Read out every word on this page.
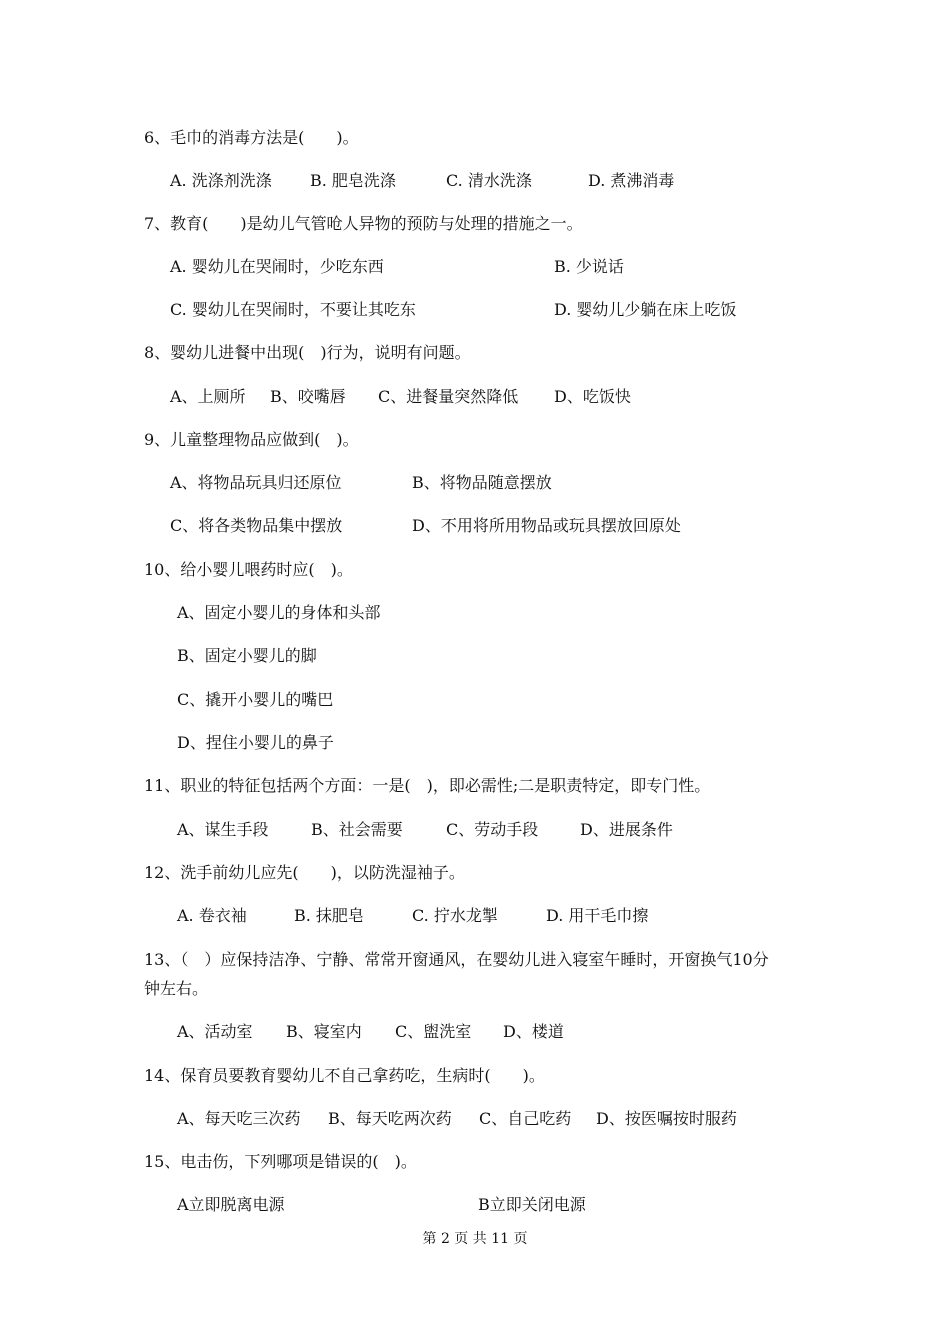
6、毛巾的消毒方法是(　　)。
A. 洗涤剂洗涤 B. 肥皂洗涤	C. 清水洗涤	D. 煮沸消毒
7、教育(　　)是幼儿气管呛人异物的预防与处理的措施之一。
A. 婴幼儿在哭闹时，少吃东西	B. 少说话
C. 婴幼儿在哭闹时，不要让其吃东	D. 婴幼儿少躺在床上吃饭
8、婴幼儿进餐中出现(　)行为，说明有问题。
A、上厕所 B、咬嘴唇 C、进餐量突然降低 D、吃饭快
9、儿童整理物品应做到(　)。
A、将物品玩具归还原位	B、将物品随意摆放
C、将各类物品集中摆放	D、不用将所用物品或玩具摆放回原处
10、给小婴儿喂药时应(　)。
A、固定小婴儿的身体和头部
B、固定小婴儿的脚
C、撬开小婴儿的嘴巴
D、捏住小婴儿的鼻子
11、职业的特征包括两个方面：一是(　)，即必需性;二是职责特定，即专门性。
A、谋生手段	B、社会需要	C、劳动手段	D、进展条件
12、洗手前幼儿应先(　　)，以防洗湿袖子。
A. 卷衣袖	B. 抹肥皂	C. 拧水龙掣	D. 用干毛巾擦
13、（　）应保持洁净、宁静、常常开窗通风，在婴幼儿进入寝室午睡时，开窗换气10分
钟左右。
A、活动室 B、寝室内 C、盥洗室 D、楼道
14、保育员要教育婴幼儿不自己拿药吃，生病时(　　)。
A、每天吃三次药 B、每天吃两次药 C、自己吃药 D、按医嘱按时服药
15、电击伤，下列哪项是错误的(　)。
A立即脱离电源	B立即关闭电源
第 2 页 共 11 页
